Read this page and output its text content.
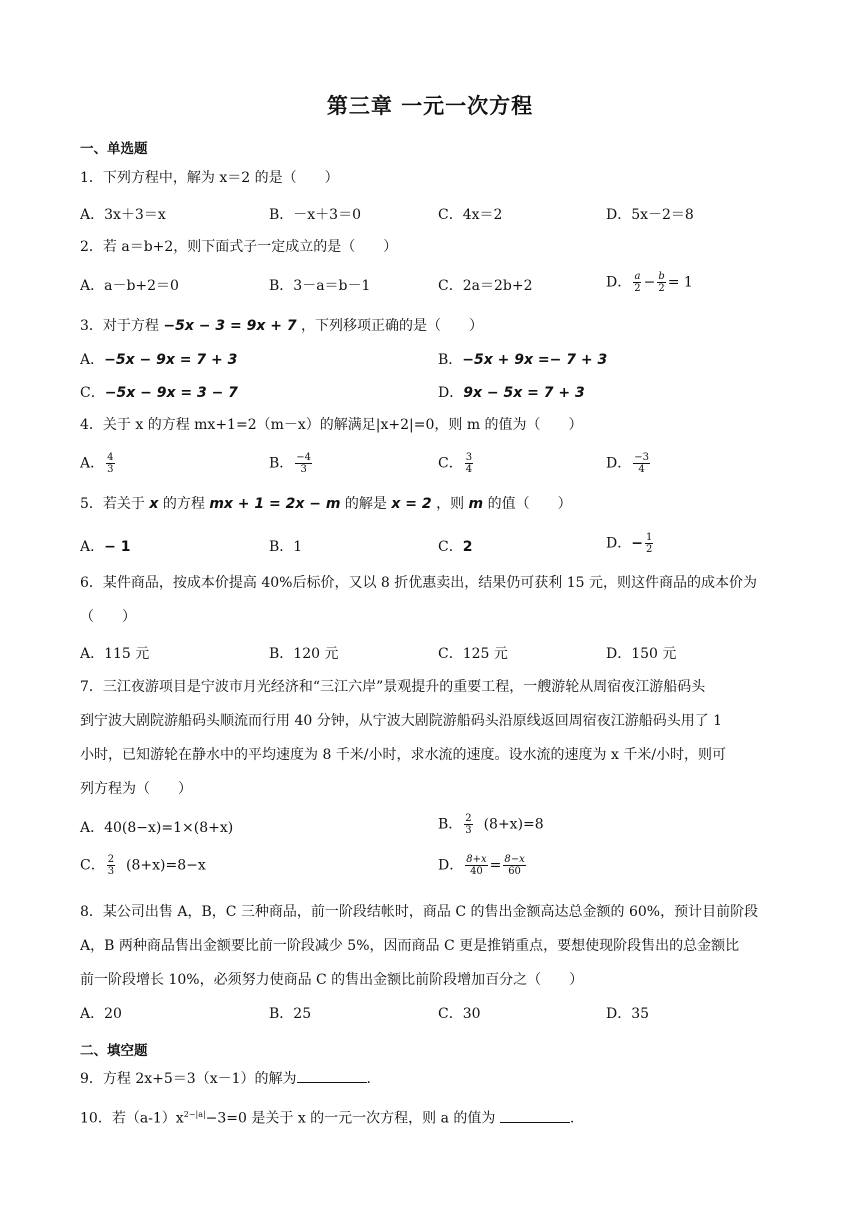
第三章 一元一次方程
一、单选题
1．下列方程中，解为 x＝2 的是（　　）
A．3x＋3＝x	B．－x＋3＝0	C．4x＝2	D．5x－2＝8
2．若 a＝b+2，则下面式子一定成立的是（　　）
A．a－b+2＝0	B．3－a＝b－1	C．2a＝2b+2	D． $\frac{a}{2} - \frac{b}{2} = 1$
3．对于方程 −5x − 3 = 9x + 7 ，下列移项正确的是（　　）
A．−5x − 9x = 7 + 3	B．−5x + 9x =− 7 + 3
C．−5x − 9x = 3 − 7	D．9x − 5x = 7 + 3
4．关于 x 的方程 mx+1=2（m－x）的解满足|x+2|=0，则 m 的值为（　　）
A． $\frac{4}{3}$	B． $\frac{-4}{3}$	C． $\frac{3}{4}$	D． $\frac{-3}{4}$
5．若关于 x 的方程 mx + 1 = 2x − m 的解是 x = 2 ，则 m 的值（　　）
A．− 1	B．1	C．2	D．− $\frac{1}{2}$
6．某件商品，按成本价提高 40%后标价，又以 8 折优惠卖出，结果仍可获利 15 元，则这件商品的成本价为（　　）
A．115 元	B．120 元	C．125 元	D．150 元
7．三江夜游项目是宁波市月光经济和“三江六岸”景观提升的重要工程，一艘游轮从周宿夜江游船码头
到宁波大剧院游船码头顺流而行用 40 分钟，从宁波大剧院游船码头沿原线返回周宿夜江游船码头用了 1
小时，已知游轮在静水中的平均速度为 8 千米/小时，求水流的速度。设水流的速度为 x 千米/小时，则可
列方程为（　　）
A．40(8−x)=1×(8+x)	B． $\frac{2}{3} (8+x)=8$
C． $\frac{2}{3} (8+x)=8-x$	D． $\frac{8+x}{40} = \frac{8-x}{60}$
8．某公司出售 A，B，C 三种商品，前一阶段结帐时，商品 C 的售出金额高达总金额的 60%，预计目前阶段
A，B 两种商品售出金额要比前一阶段减少 5%，因而商品 C 更是推销重点，要想使现阶段售出的总金额比
前一阶段增长 10%，必须努力使商品 C 的售出金额比前阶段增加百分之（　　）
A．20	B．25	C．30	D．35
二、填空题
9．方程 2x+5＝3（x－1）的解为	.
10．若$(a-1)x^{2-|a|}-3=0$ 是关于 x 的一元一次方程，则 a 的值为	.
